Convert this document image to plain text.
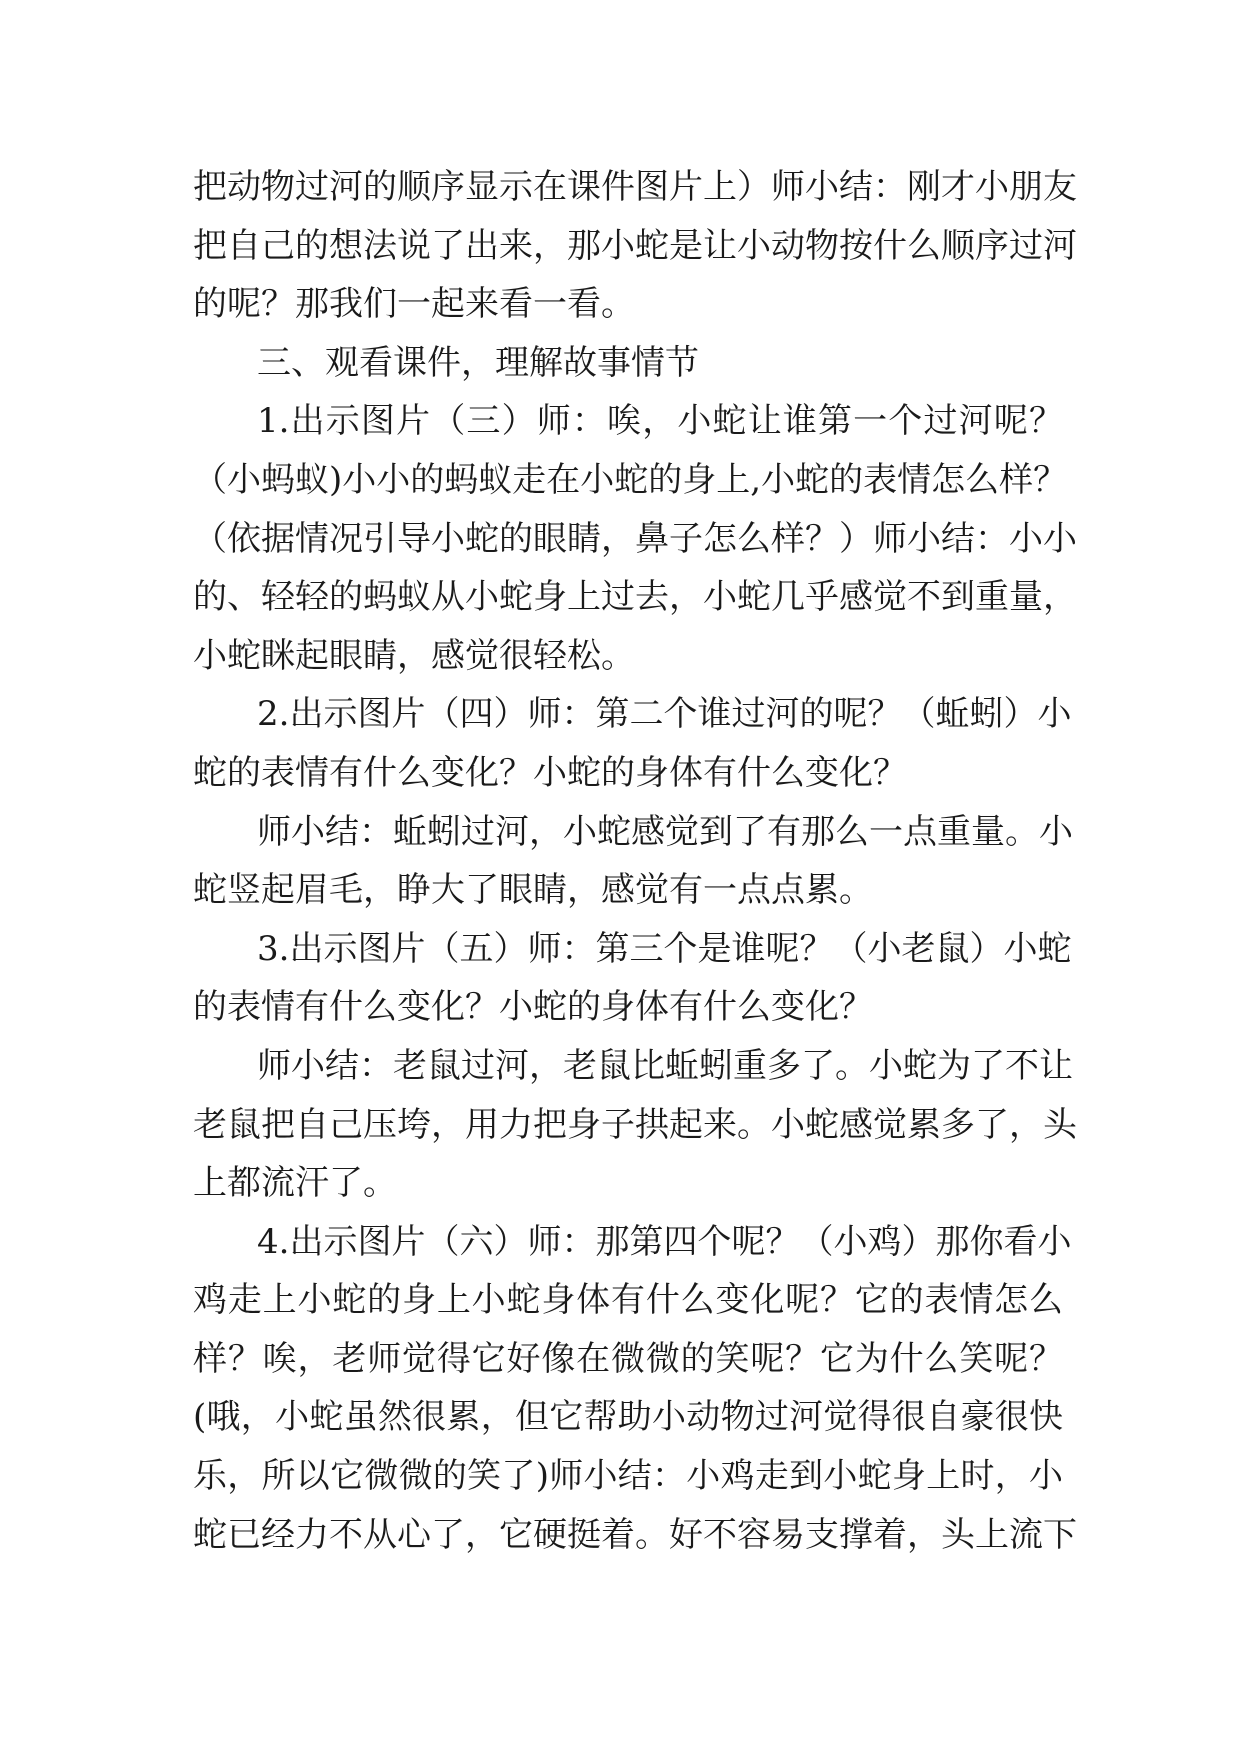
把动物过河的顺序显示在课件图片上）师小结：刚才小朋友
把自己的想法说了出来，那小蛇是让小动物按什么顺序过河
的呢？那我们一起来看一看。
三、观看课件，理解故事情节
1.出示图片（三）师：唉，小蛇让谁第一个过河呢？
（小蚂蚁)小小的蚂蚁走在小蛇的身上,小蛇的表情怎么样？
（依据情况引导小蛇的眼睛，鼻子怎么样？）师小结：小小
的、轻轻的蚂蚁从小蛇身上过去，小蛇几乎感觉不到重量，
小蛇眯起眼睛，感觉很轻松。
2.出示图片（四）师：第二个谁过河的呢？（蚯蚓）小
蛇的表情有什么变化？小蛇的身体有什么变化？
师小结：蚯蚓过河，小蛇感觉到了有那么一点重量。小
蛇竖起眉毛，睁大了眼睛，感觉有一点点累。
3.出示图片（五）师：第三个是谁呢？（小老鼠）小蛇
的表情有什么变化？小蛇的身体有什么变化？
师小结：老鼠过河，老鼠比蚯蚓重多了。小蛇为了不让
老鼠把自己压垮，用力把身子拱起来。小蛇感觉累多了，头
上都流汗了。
4.出示图片（六）师：那第四个呢？（小鸡）那你看小
鸡走上小蛇的身上小蛇身体有什么变化呢？它的表情怎么
样？唉，老师觉得它好像在微微的笑呢？它为什么笑呢？
(哦，小蛇虽然很累，但它帮助小动物过河觉得很自豪很快
乐，所以它微微的笑了)师小结：小鸡走到小蛇身上时，小
蛇已经力不从心了，它硬挺着。好不容易支撑着，头上流下
